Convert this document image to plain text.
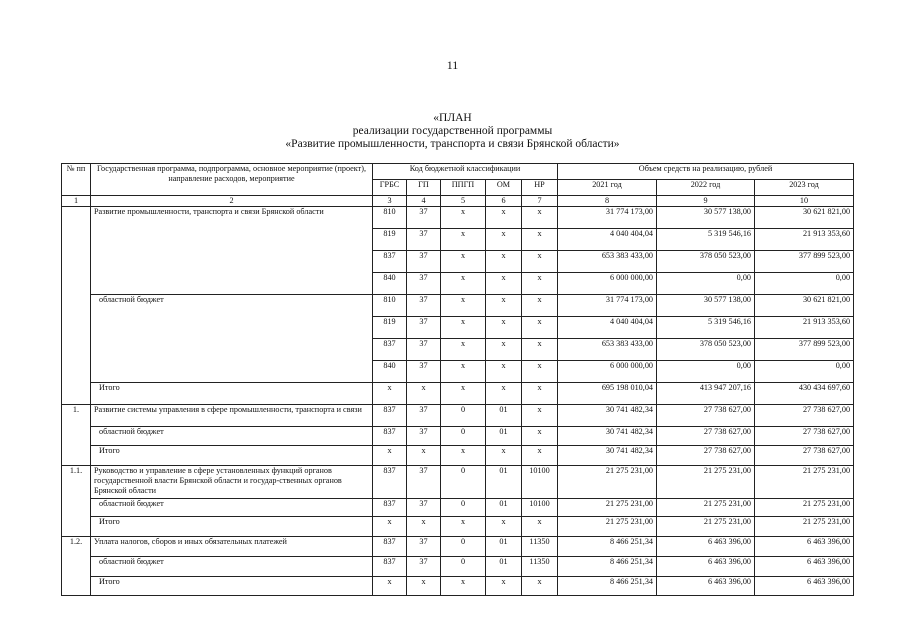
11
«ПЛАН
реализации государственной программы
«Развитие промышленности, транспорта и связи Брянской области»
№ пп	Государственная программа, подпрограмма, основное мероприятие (проект), направление расходов, мероприятие	Код бюджетной классификации					Объем средств на реализацию, рублей		
		ГРБС	ГП	ППГП	ОМ	НР	2021 год	2022 год	2023 год
1	2	3	4	5	6	7	8	9	10
	Развитие промышленности, транспорта и связи Брянской области	810	37	x	x	x	31 774 173,00	30 577 138,00	30 621 821,00
		819	37	x	x	x	4 040 404,04	5 319 546,16	21 913 353,60
		837	37	x	x	x	653 383 433,00	378 050 523,00	377 899 523,00
		840	37	x	x	x	6 000 000,00	0,00	0,00
	областной бюджет	810	37	x	x	x	31 774 173,00	30 577 138,00	30 621 821,00
		819	37	x	x	x	4 040 404,04	5 319 546,16	21 913 353,60
		837	37	x	x	x	653 383 433,00	378 050 523,00	377 899 523,00
		840	37	x	x	x	6 000 000,00	0,00	0,00
	Итого	x	x	x	x	x	695 198 010,04	413 947 207,16	430 434 697,60
1.	Развитие системы управления в сфере промышленности, транспорта и связи	837	37	0	01	x	30 741 482,34	27 738 627,00	27 738 627,00
	областной бюджет	837	37	0	01	x	30 741 482,34	27 738 627,00	27 738 627,00
	Итого	x	x	x	x	x	30 741 482,34	27 738 627,00	27 738 627,00
1.1.	Руководство и управление в сфере установленных функций органов государственной власти Брянской области и государ-ственных органов Брянской области	837	37	0	01	10100	21 275 231,00	21 275 231,00	21 275 231,00
	областной бюджет	837	37	0	01	10100	21 275 231,00	21 275 231,00	21 275 231,00
	Итого	x	x	x	x	x	21 275 231,00	21 275 231,00	21 275 231,00
1.2.	Уплата налогов, сборов и иных обязательных платежей	837	37	0	01	11350	8 466 251,34	6 463 396,00	6 463 396,00
	областной бюджет	837	37	0	01	11350	8 466 251,34	6 463 396,00	6 463 396,00
	Итого	x	x	x	x	x	8 466 251,34	6 463 396,00	6 463 396,00
